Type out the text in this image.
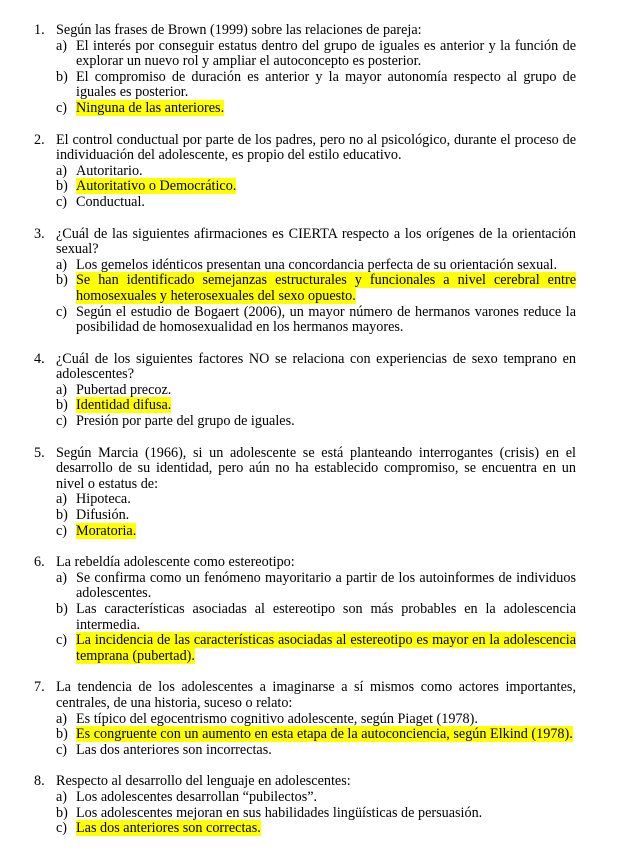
1. Según las frases de Brown (1999) sobre las relaciones de pareja:
a) El interés por conseguir estatus dentro del grupo de iguales es anterior y la función de explorar un nuevo rol y ampliar el autoconcepto es posterior.
b) El compromiso de duración es anterior y la mayor autonomía respecto al grupo de iguales es posterior.
c) Ninguna de las anteriores.
2. El control conductual por parte de los padres, pero no al psicológico, durante el proceso de individuación del adolescente, es propio del estilo educativo.
a) Autoritario.
b) Autoritativo o Democrático.
c) Conductual.
3. ¿Cuál de las siguientes afirmaciones es CIERTA respecto a los orígenes de la orientación sexual?
a) Los gemelos idénticos presentan una concordancia perfecta de su orientación sexual.
b) Se han identificado semejanzas estructurales y funcionales a nivel cerebral entre homosexuales y heterosexuales del sexo opuesto.
c) Según el estudio de Bogaert (2006), un mayor número de hermanos varones reduce la posibilidad de homosexualidad en los hermanos mayores.
4. ¿Cuál de los siguientes factores NO se relaciona con experiencias de sexo temprano en adolescentes?
a) Pubertad precoz.
b) Identidad difusa.
c) Presión por parte del grupo de iguales.
5. Según Marcia (1966), si un adolescente se está planteando interrogantes (crisis) en el desarrollo de su identidad, pero aún no ha establecido compromiso, se encuentra en un nivel o estatus de:
a) Hipoteca.
b) Difusión.
c) Moratoria.
6. La rebeldía adolescente como estereotipo:
a) Se confirma como un fenómeno mayoritario a partir de los autoinformes de individuos adolescentes.
b) Las características asociadas al estereotipo son más probables en la adolescencia intermedia.
c) La incidencia de las características asociadas al estereotipo es mayor en la adolescencia temprana (pubertad).
7. La tendencia de los adolescentes a imaginarse a sí mismos como actores importantes, centrales, de una historia, suceso o relato:
a) Es típico del egocentrismo cognitivo adolescente, según Piaget (1978).
b) Es congruente con un aumento en esta etapa de la autoconciencia, según Elkind (1978).
c) Las dos anteriores son incorrectas.
8. Respecto al desarrollo del lenguaje en adolescentes:
a) Los adolescentes desarrollan “pubilectos”.
b) Los adolescentes mejoran en sus habilidades lingüísticas de persuasión.
c) Las dos anteriores son correctas.
